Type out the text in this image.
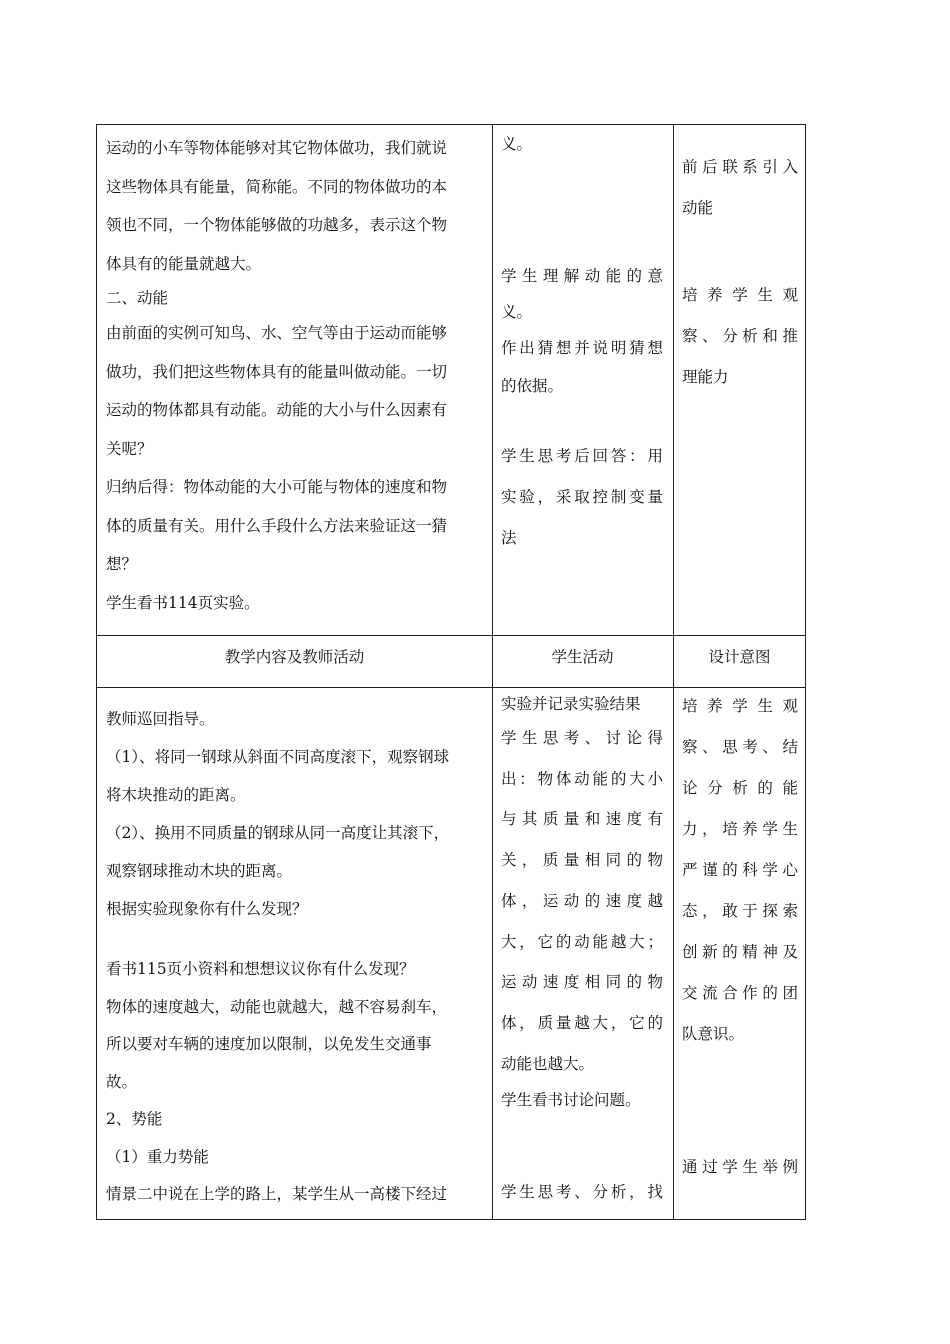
运动的小车等物体能够对其它物体做功，我们就说

这些物体具有能量，简称能。不同的物体做功的本

领也不同，一个物体能够做的功越多，表示这个物

体具有的能量就越大。

二、动能

由前面的实例可知鸟、水、空气等由于运动而能够

做功，我们把这些物体具有的能量叫做动能。一切

运动的物体都具有动能。动能的大小与什么因素有

关呢？

归纳后得：物体动能的大小可能与物体的速度和物

体的质量有关。用什么手段什么方法来验证这一猜

想？

学生看书114页实验。

义。

学生理解动能的意

义。

作出猜想并说明猜想

的依据。

学生思考后回答：用

实验，采取控制变量

法

前后联系引入

动能

培养学生观

察、分析和推

理能力

教学内容及教师活动	学生活动	设计意图

教师巡回指导。

（1）、将同一钢球从斜面不同高度滚下，观察钢球

将木块推动的距离。

（2）、换用不同质量的钢球从同一高度让其滚下，

观察钢球推动木块的距离。

根据实验现象你有什么发现？

看书115页小资料和想想议议你有什么发现？

物体的速度越大，动能也就越大，越不容易刹车，

所以要对车辆的速度加以限制，以免发生交通事

故。

2、势能

（1）重力势能

情景二中说在上学的路上，某学生从一高楼下经过

实验并记录实验结果

学生思考、讨论得

出：物体动能的大小

与其质量和速度有

关，质量相同的物

体，运动的速度越

大，它的动能越大；

运动速度相同的物

体，质量越大，它的

动能也越大。

学生看书讨论问题。

学生思考、分析，找

培养学生观

察、思考、结

论分析的能

力，培养学生

严谨的科学心

态，敢于探索

创新的精神及

交流合作的团

队意识。

通过学生举例
